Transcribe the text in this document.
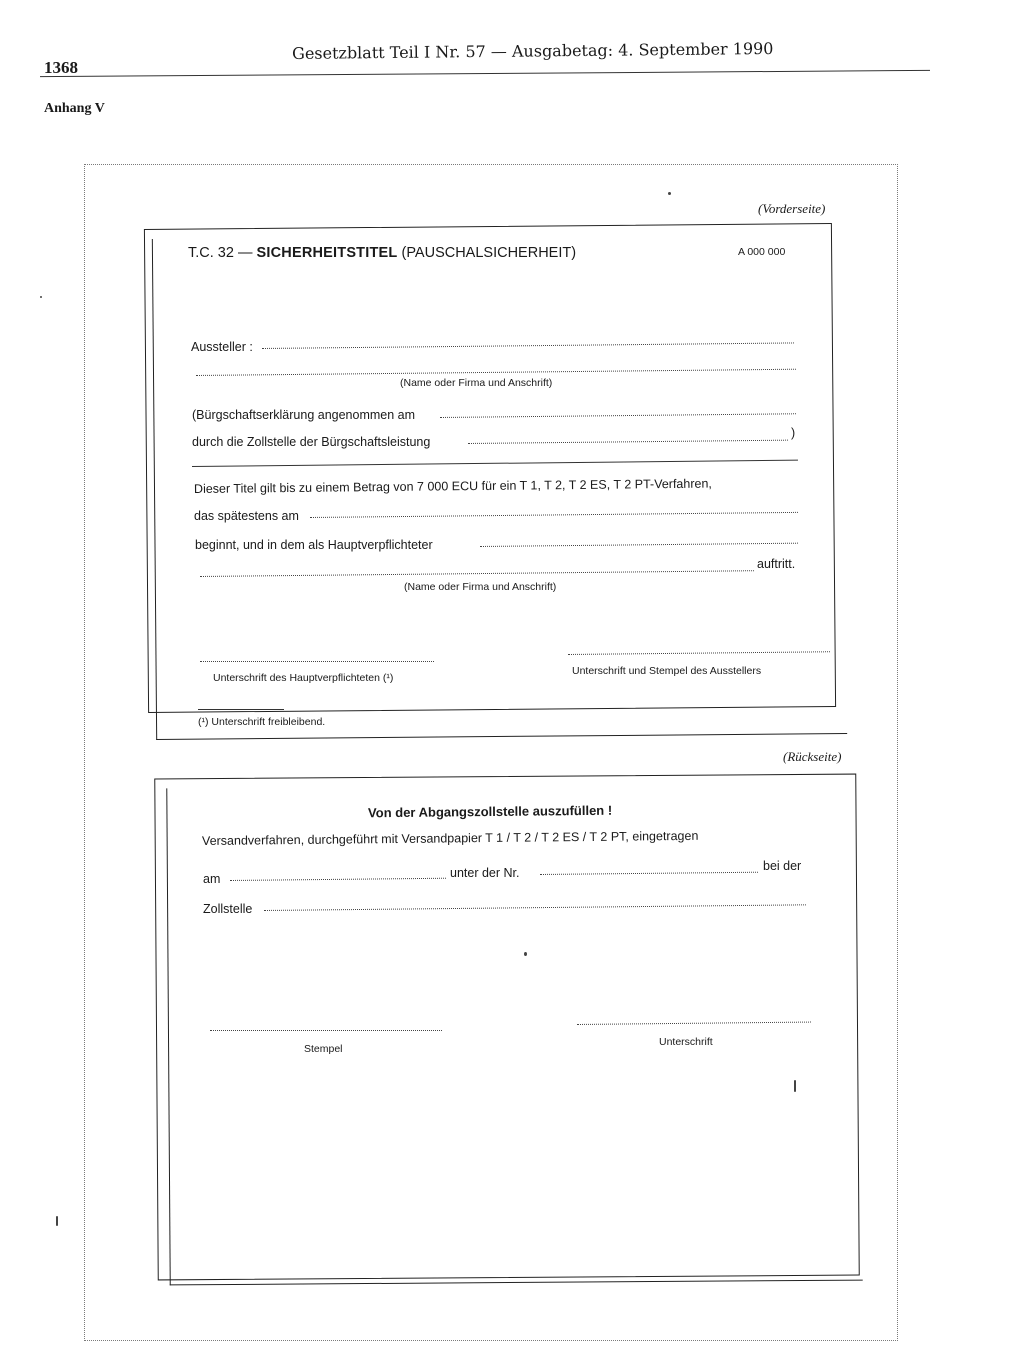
1368
Gesetzblatt Teil I Nr. 57 — Ausgabetag: 4. September 1990
Anhang V
(Vorderseite)
T.C. 32 — SICHERHEITSTITEL (PAUSCHALSICHERHEIT)	A 000 000
Aussteller :
(Name oder Firma und Anschrift)
(Bürgschaftserklärung angenommen am
durch die Zollstelle der Bürgschaftsleistung
)
Dieser Titel gilt bis zu einem Betrag von 7 000 ECU für ein T 1, T 2, T 2 ES, T 2 PT-Verfahren,
das spätestens am
beginnt, und in dem als Hauptverpflichteter
auftritt.
(Name oder Firma und Anschrift)
Unterschrift des Hauptverpflichteten (¹)
Unterschrift und Stempel des Ausstellers
(¹) Unterschrift freibleibend.
(Rückseite)
Von der Abgangszollstelle auszufüllen !
Versandverfahren, durchgeführt mit Versandpapier T 1 / T 2 / T 2 ES / T 2 PT, eingetragen
am	unter der Nr.	bei der
Zollstelle
Stempel
Unterschrift
